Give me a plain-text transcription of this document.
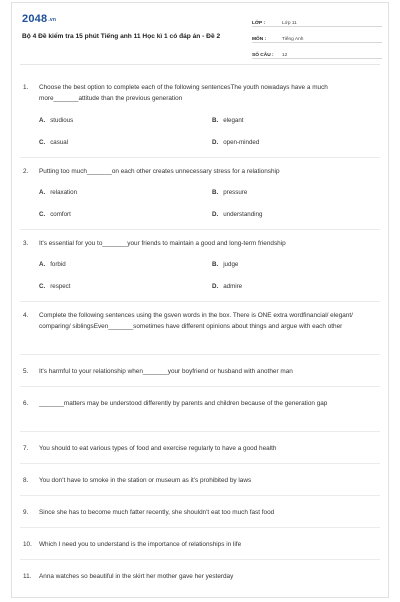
$2048^{.vn}$
Bộ 4 Đề kiểm tra 15 phút Tiếng anh 11 Học kì 1 có đáp án - Đề 2
LỚP :	Lớp 11
MÔN :	Tiếng Anh
SỐ CÂU :	12
1. Choose the best option to complete each of the following sentencesThe youth nowadays have a much more_______attitude than the previous generation
A. studious	B. elegant
C. casual	D. open-minded
2. Putting too much_______on each other creates unnecessary stress for a relationship
A. relaxation	B. pressure
C. comfort	D. understanding
3. It's essential for you to_______your friends to maintain a good and long-term friendship
A. forbid	B. judge
C. respect	D. admire
4. Complete the following sentences using the gsven words in the box. There is ONE extra wordfinancial/ elegant/ comparing/ siblingsEven_______sometimes have different opinions about things and argue with each other
5. It's harmful to your relationship when_______your boyfriend or husband with another man
6. _______matters may be understood differently by parents and children because of the generation gap
7. You should to eat various types of food and exercise regularly to have a good health
8. You don't have to smoke in the station or museum as it's prohibited by laws
9. Since she has to become much fatter recently, she shouldn't eat too much fast food
10. Which I need you to understand is the importance of relationships in life
11. Anna watches so beautiful in the skirt her mother gave her yesterday
